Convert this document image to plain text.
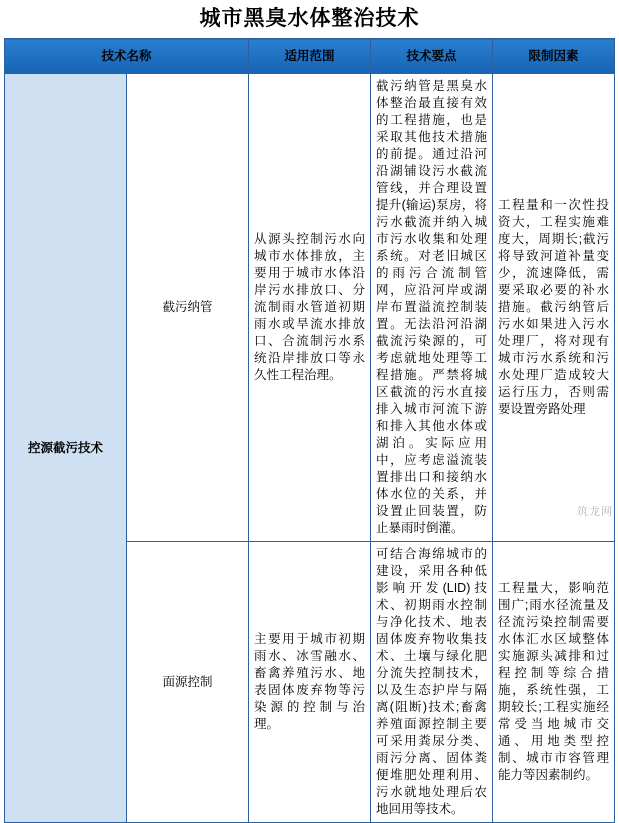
城市黑臭水体整治技术
技术名称		适用范围	技术要点	限制因素
控源截污技术	截污纳管	从源头控制污水向城市水体排放，主要用于城市水体沿岸污水排放口、分流制雨水管道初期雨水或旱流水排放口、合流制污水系统沿岸排放口等永久性工程治理。	截污纳管是黑臭水体整治最直接有效的工程措施，也是采取其他技术措施的前提。通过沿河沿湖铺设污水截流管线，并合理设置提升(输运)泵房，将污水截流并纳入城市污水收集和处理系统。对老旧城区的雨污合流制管网，应沿河岸或湖岸布置溢流控制装置。无法沿河沿湖截流污染源的，可考虑就地处理等工程措施。严禁将城区截流的污水直接排入城市河流下游和排入其他水体或湖泊。实际应用中，应考虑溢流装置排出口和接纳水体水位的关系，并设置止回装置，防止暴雨时倒灌。	工程量和一次性投资大，工程实施难度大，周期长;截污将导致河道补量变少，流速降低，需要采取必要的补水措施。截污纳管后污水如果进入污水处理厂，将对现有城市污水系统和污水处理厂造成较大运行压力，否则需要设置旁路处理
	面源控制	主要用于城市初期雨水、冰雪融水、畜禽养殖污水、地表固体废弃物等污染源的控制与治理。	可结合海绵城市的建设，采用各种低影响开发(LID)技术、初期雨水控制与净化技术、地表固体废弃物收集技术、土壤与绿化肥分流失控制技术，以及生态护岸与隔离(阻断)技术;畜禽养殖面源控制主要可采用粪尿分类、雨污分离、固体粪便堆肥处理利用、污水就地处理后农地回用等技术。	工程量大，影响范围广;雨水径流量及径流污染控制需要水体汇水区域整体实施源头减排和过程控制等综合措施，系统性强，工期较长;工程实施经常受当地城市交通、用地类型控制、城市市容管理能力等因素制约。
筑龙网
